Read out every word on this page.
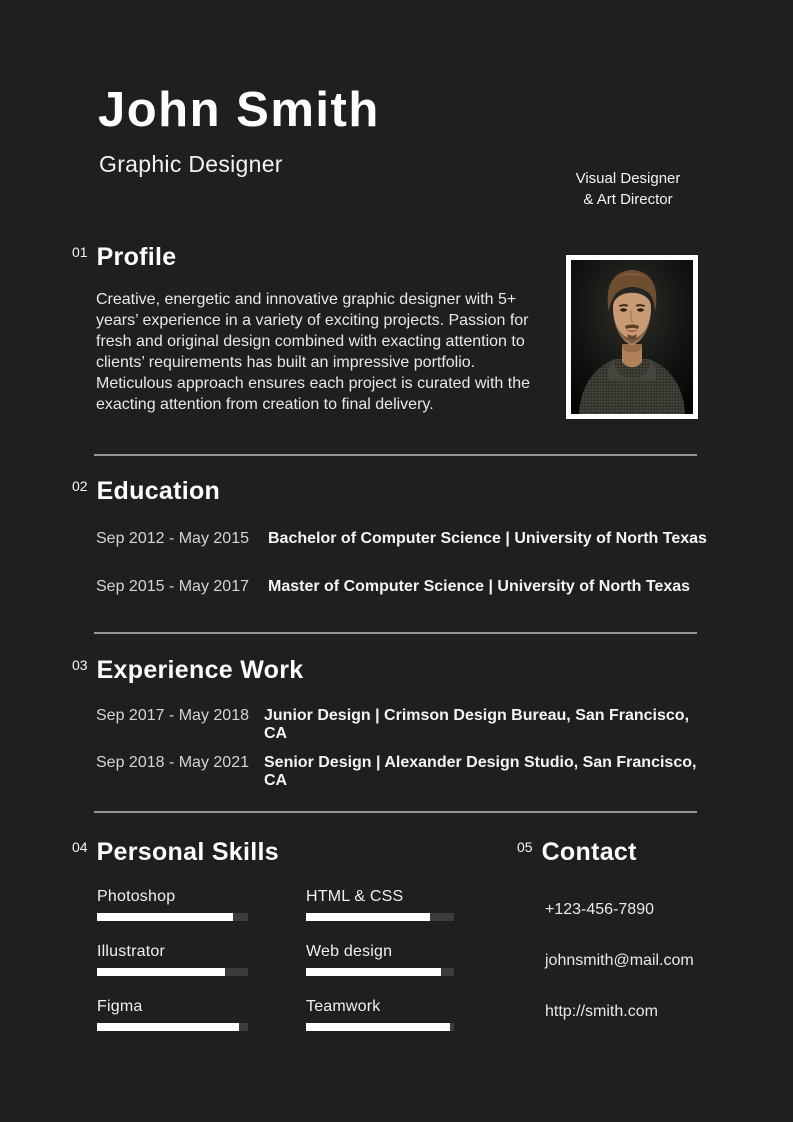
John Smith
Graphic Designer
Visual Designer
& Art Director
01 Profile
Creative, energetic and innovative graphic designer with 5+ years’ experience in a variety of exciting projects. Passion for fresh and original design combined with exacting attention to clients’ requirements has built an impressive portfolio. Meticulous approach ensures each project is curated with the exacting attention from creation to final delivery.
02 Education
Sep 2012 - May 2015	Bachelor of Computer Science | University of North Texas
Sep 2015 - May 2017	Master of Computer Science | University of North Texas
03 Experience Work
Sep 2017 - May 2018 Junior Design | Crimson Design Bureau, San Francisco, CA
Sep 2018 - May 2021 Senior Design | Alexander Design Studio, San Francisco, CA
04 Personal Skills
Photoshop
Illustrator
Figma
HTML & CSS
Web design
Teamwork
05 Contact
+123-456-7890
johnsmith@mail.com
http://smith.com
